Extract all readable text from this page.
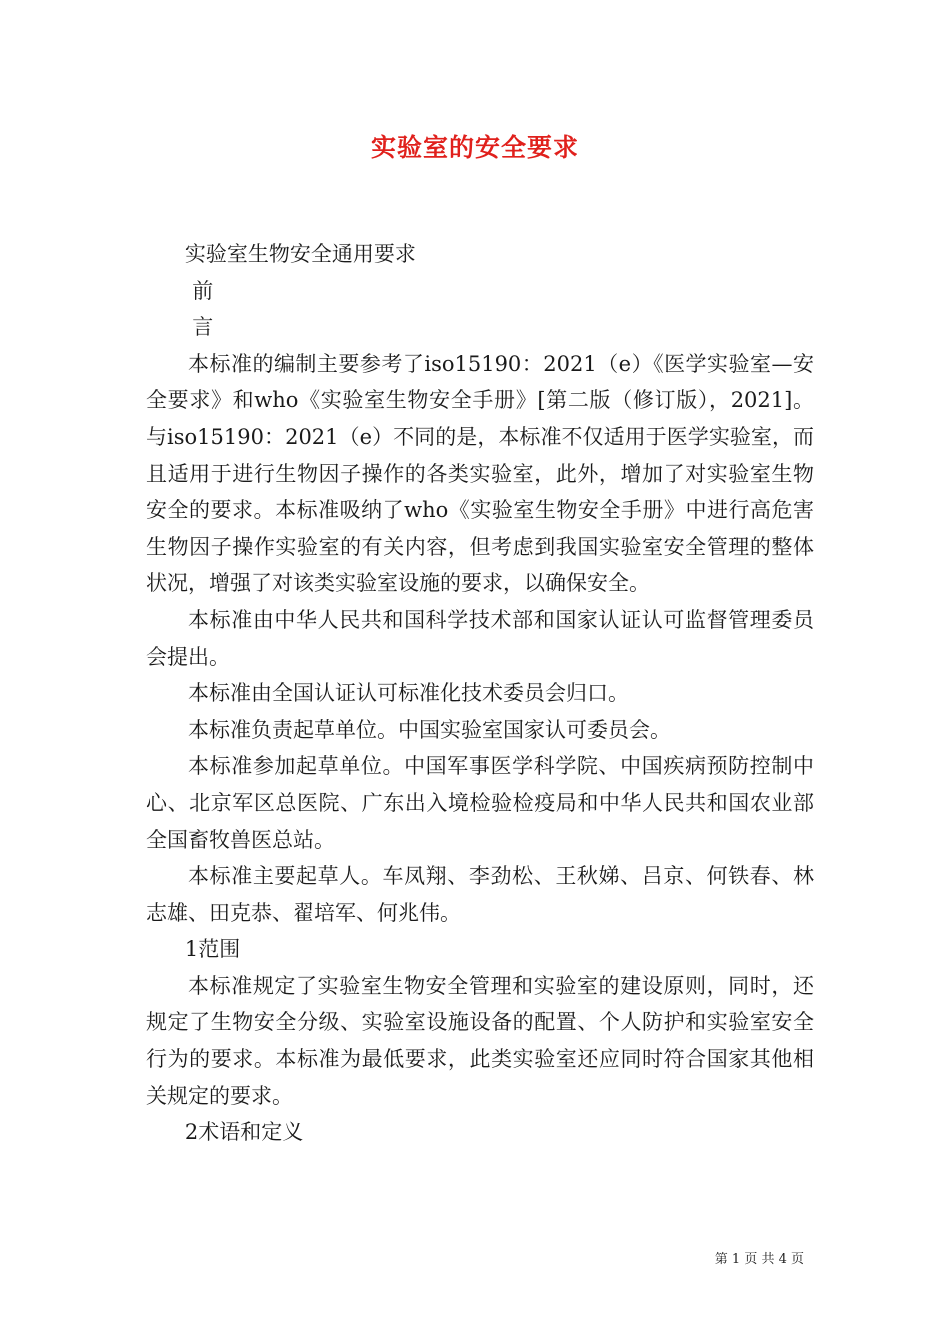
实验室的安全要求

实验室生物安全通用要求

前

言

本标准的编制主要参考了iso15190：2021（e）《医学实验室—安全要求》和who《实验室生物安全手册》[第二版（修订版），2021]。与iso15190：2021（e）不同的是，本标准不仅适用于医学实验室，而且适用于进行生物因子操作的各类实验室，此外，增加了对实验室生物安全的要求。本标准吸纳了who《实验室生物安全手册》中进行高危害生物因子操作实验室的有关内容，但考虑到我国实验室安全管理的整体状况，增强了对该类实验室设施的要求，以确保安全。

本标准由中华人民共和国科学技术部和国家认证认可监督管理委员会提出。

本标准由全国认证认可标准化技术委员会归口。

本标准负责起草单位。中国实验室国家认可委员会。

本标准参加起草单位。中国军事医学科学院、中国疾病预防控制中心、北京军区总医院、广东出入境检验检疫局和中华人民共和国农业部全国畜牧兽医总站。

本标准主要起草人。车凤翔、李劲松、王秋娣、吕京、何铁春、林志雄、田克恭、翟培军、何兆伟。

1范围

本标准规定了实验室生物安全管理和实验室的建设原则，同时，还规定了生物安全分级、实验室设施设备的配置、个人防护和实验室安全行为的要求。本标准为最低要求，此类实验室还应同时符合国家其他相关规定的要求。

2术语和定义

第 1 页 共 4 页
